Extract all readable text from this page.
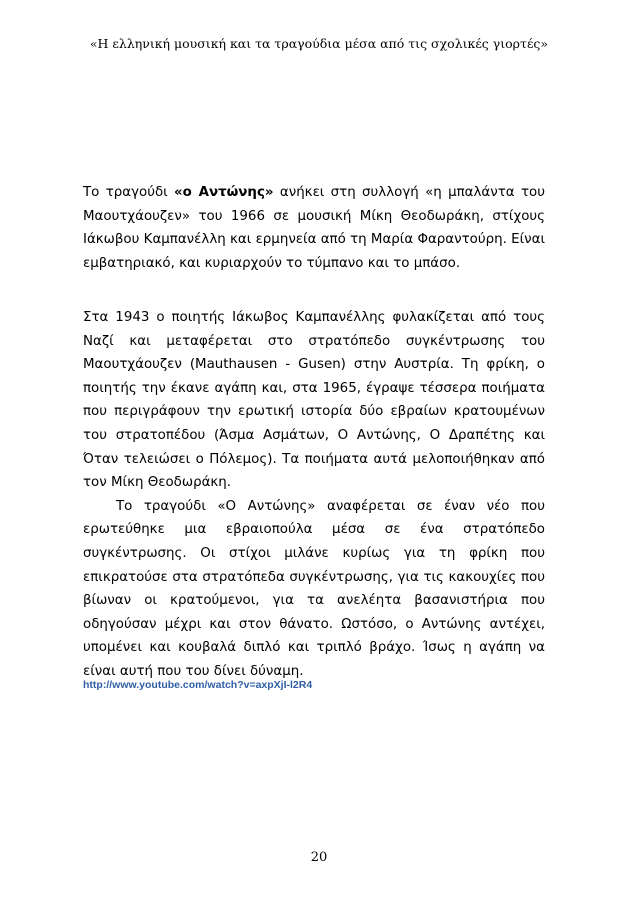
«Η ελληνική μουσική και τα τραγούδια μέσα από τις σχολικές γιορτές»

Το τραγούδι «ο Αντώνης» ανήκει στη συλλογή «η μπαλάντα του Μαουτχάουζεν» του 1966 σε μουσική Μίκη Θεοδωράκη, στίχους Ιάκωβου Καμπανέλλη και ερμηνεία από τη Μαρία Φαραντούρη. Είναι εμβατηριακό, και κυριαρχούν το τύμπανο και το μπάσο.

Στα 1943 ο ποιητής Ιάκωβος Καμπανέλλης φυλακίζεται από τους Ναζί και μεταφέρεται στο στρατόπεδο συγκέντρωσης του Μαουτχάουζεν (Mauthausen - Gusen) στην Αυστρία. Τη φρίκη, ο ποιητής την έκανε αγάπη και, στα 1965, έγραψε τέσσερα ποιήματα που περιγράφουν την ερωτική ιστορία δύο εβραίων κρατουμένων του στρατοπέδου (Άσμα Ασμάτων, Ο Αντώνης, Ο Δραπέτης και Όταν τελειώσει ο Πόλεμος). Τα ποιήματα αυτά μελοποιήθηκαν από τον Μίκη Θεοδωράκη.

Το τραγούδι «Ο Αντώνης» αναφέρεται σε έναν νέο που ερωτεύθηκε μια εβραιοπούλα μέσα σε ένα στρατόπεδο συγκέντρωσης. Οι στίχοι μιλάνε κυρίως για τη φρίκη που επικρατούσε στα στρατόπεδα συγκέντρωσης, για τις κακουχίες που βίωναν οι κρατούμενοι, για τα ανελέητα βασανιστήρια που οδηγούσαν μέχρι και στον θάνατο. Ωστόσο, ο Αντώνης αντέχει, υπομένει και κουβαλά διπλό και τριπλό βράχο. Ίσως η αγάπη να είναι αυτή που του δίνει δύναμη.

http://www.youtube.com/watch?v=axpXjI-l2R4
20
